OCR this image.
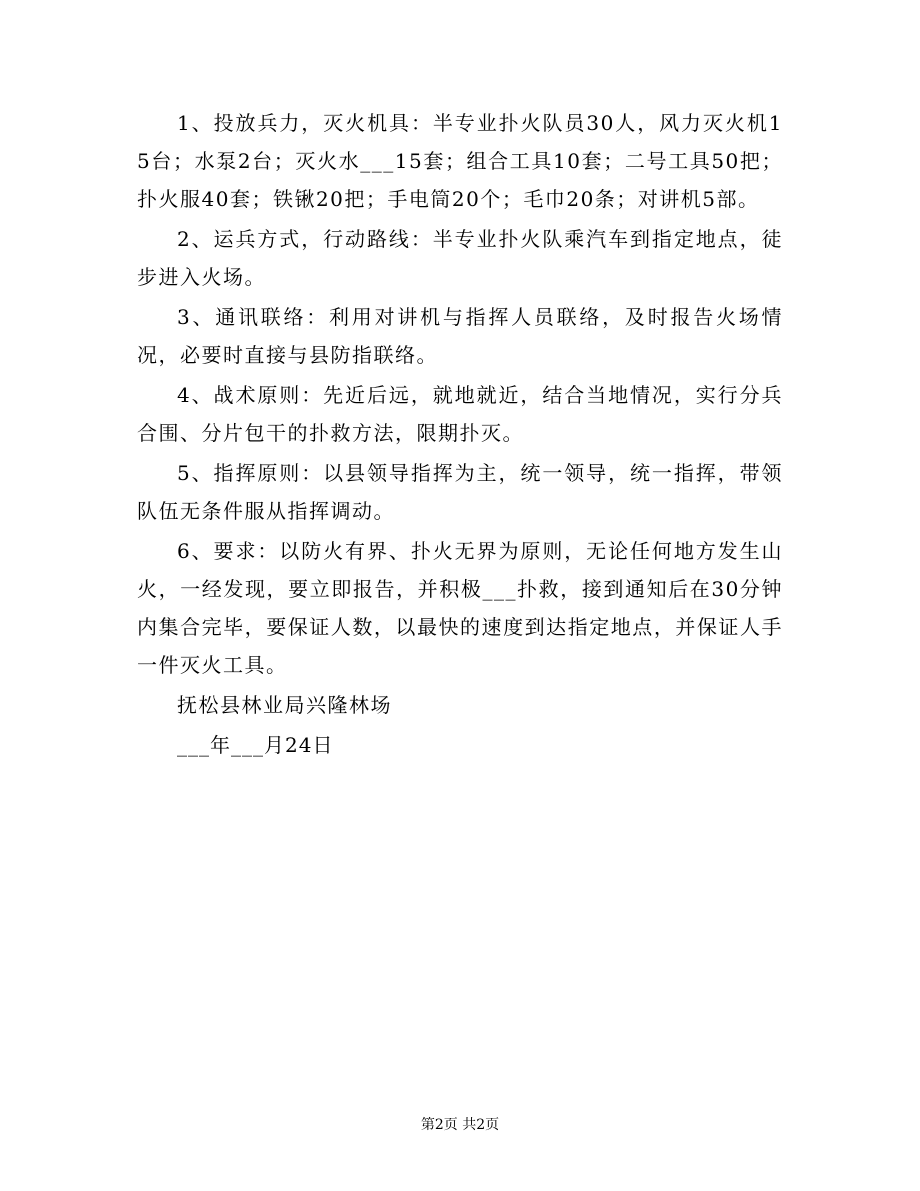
1、投放兵力，灭火机具：半专业扑火队员30人，风力灭火机15台；水泵2台；灭火水___15套；组合工具10套；二号工具50把；扑火服40套；铁锹20把；手电筒20个；毛巾20条；对讲机5部。

2、运兵方式，行动路线：半专业扑火队乘汽车到指定地点，徒步进入火场。

3、通讯联络：利用对讲机与指挥人员联络，及时报告火场情况，必要时直接与县防指联络。

4、战术原则：先近后远，就地就近，结合当地情况，实行分兵合围、分片包干的扑救方法，限期扑灭。

5、指挥原则：以县领导指挥为主，统一领导，统一指挥，带领队伍无条件服从指挥调动。

6、要求：以防火有界、扑火无界为原则，无论任何地方发生山火，一经发现，要立即报告，并积极___扑救，接到通知后在30分钟内集合完毕，要保证人数，以最快的速度到达指定地点，并保证人手一件灭火工具。

抚松县林业局兴隆林场

___年___月24日

第2页 共2页
